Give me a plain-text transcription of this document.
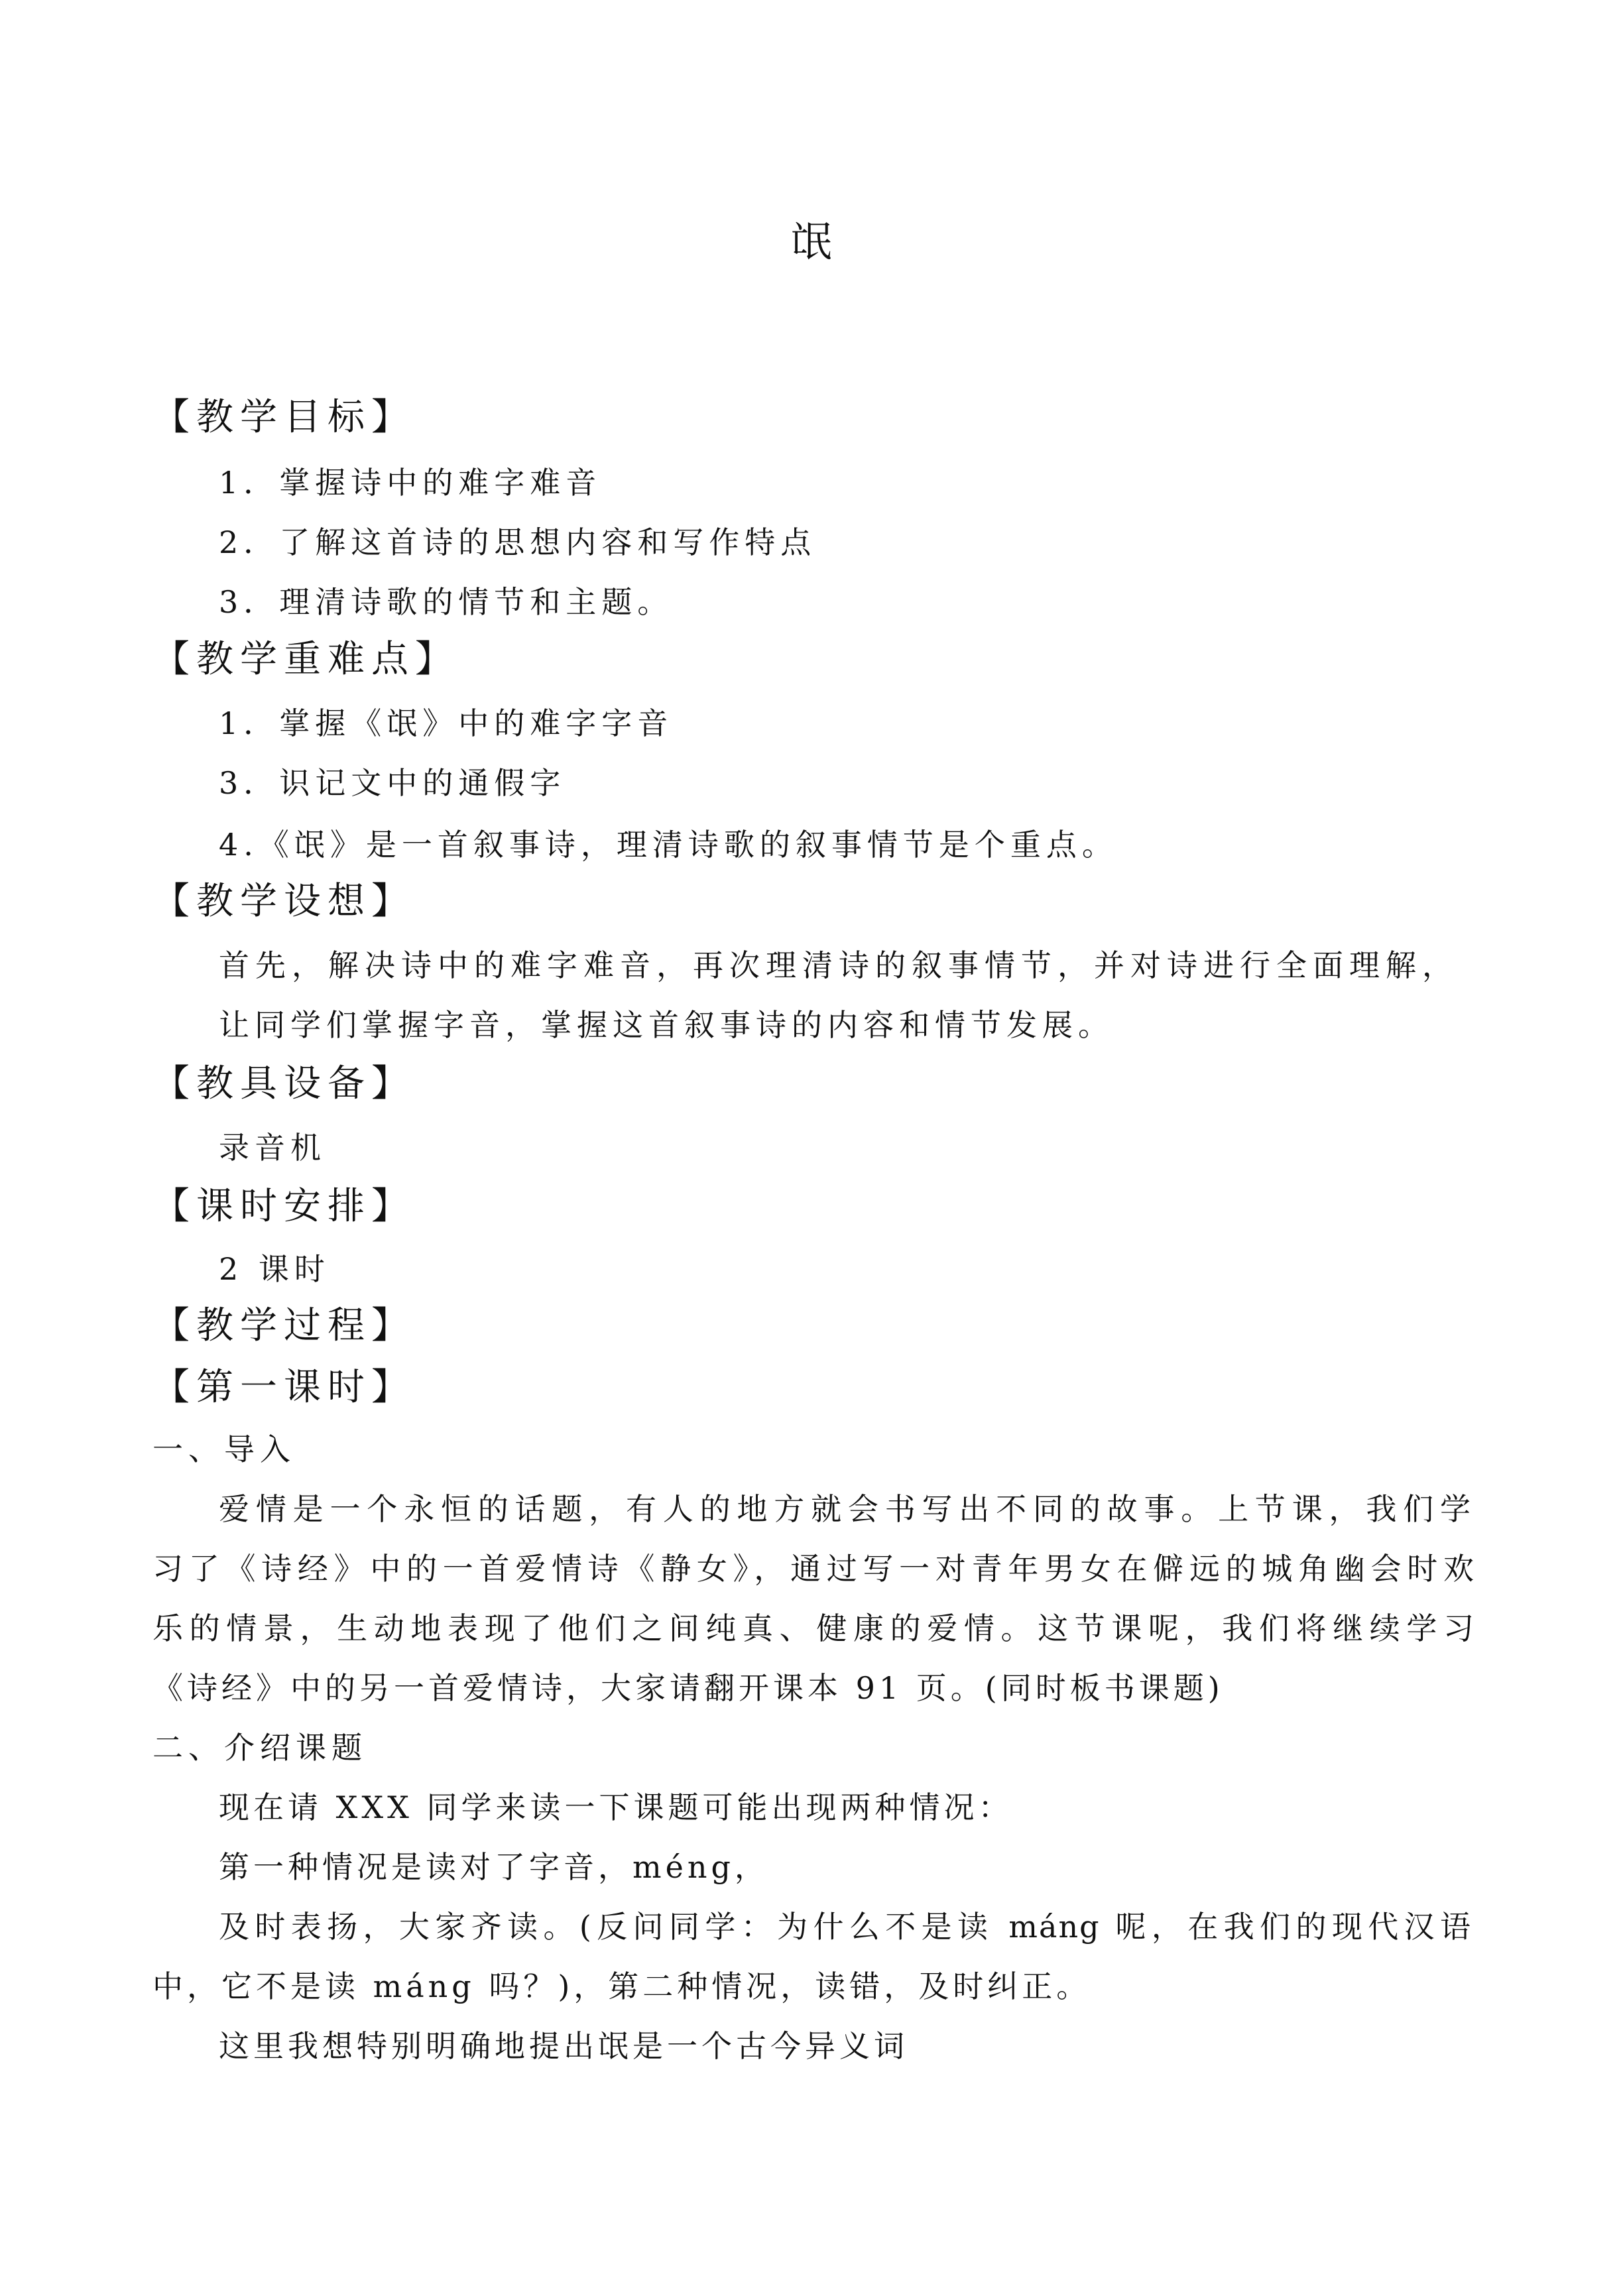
氓
【教学目标】
1．掌握诗中的难字难音
2．了解这首诗的思想内容和写作特点
3．理清诗歌的情节和主题。
【教学重难点】
1．掌握《氓》中的难字字音
3．识记文中的通假字
4.《氓》是一首叙事诗，理清诗歌的叙事情节是个重点。
【教学设想】
首先，解决诗中的难字难音，再次理清诗的叙事情节，并对诗进行全面理解，
让同学们掌握字音，掌握这首叙事诗的内容和情节发展。
【教具设备】
录音机
【课时安排】
2 课时
【教学过程】
【第一课时】
一、导入
爱情是一个永恒的话题，有人的地方就会书写出不同的故事。上节课，我们学
习了《诗经》中的一首爱情诗《静女》，通过写一对青年男女在僻远的城角幽会时欢
乐的情景，生动地表现了他们之间纯真、健康的爱情。这节课呢，我们将继续学习
《诗经》中的另一首爱情诗，大家请翻开课本 91 页。(同时板书课题)
二、介绍课题
现在请 XXX 同学来读一下课题可能出现两种情况：
第一种情况是读对了字音，méng，
及时表扬，大家齐读。(反问同学：为什么不是读 máng 呢，在我们的现代汉语
中，它不是读 máng 吗？)，第二种情况，读错，及时纠正。
这里我想特别明确地提出氓是一个古今异义词
